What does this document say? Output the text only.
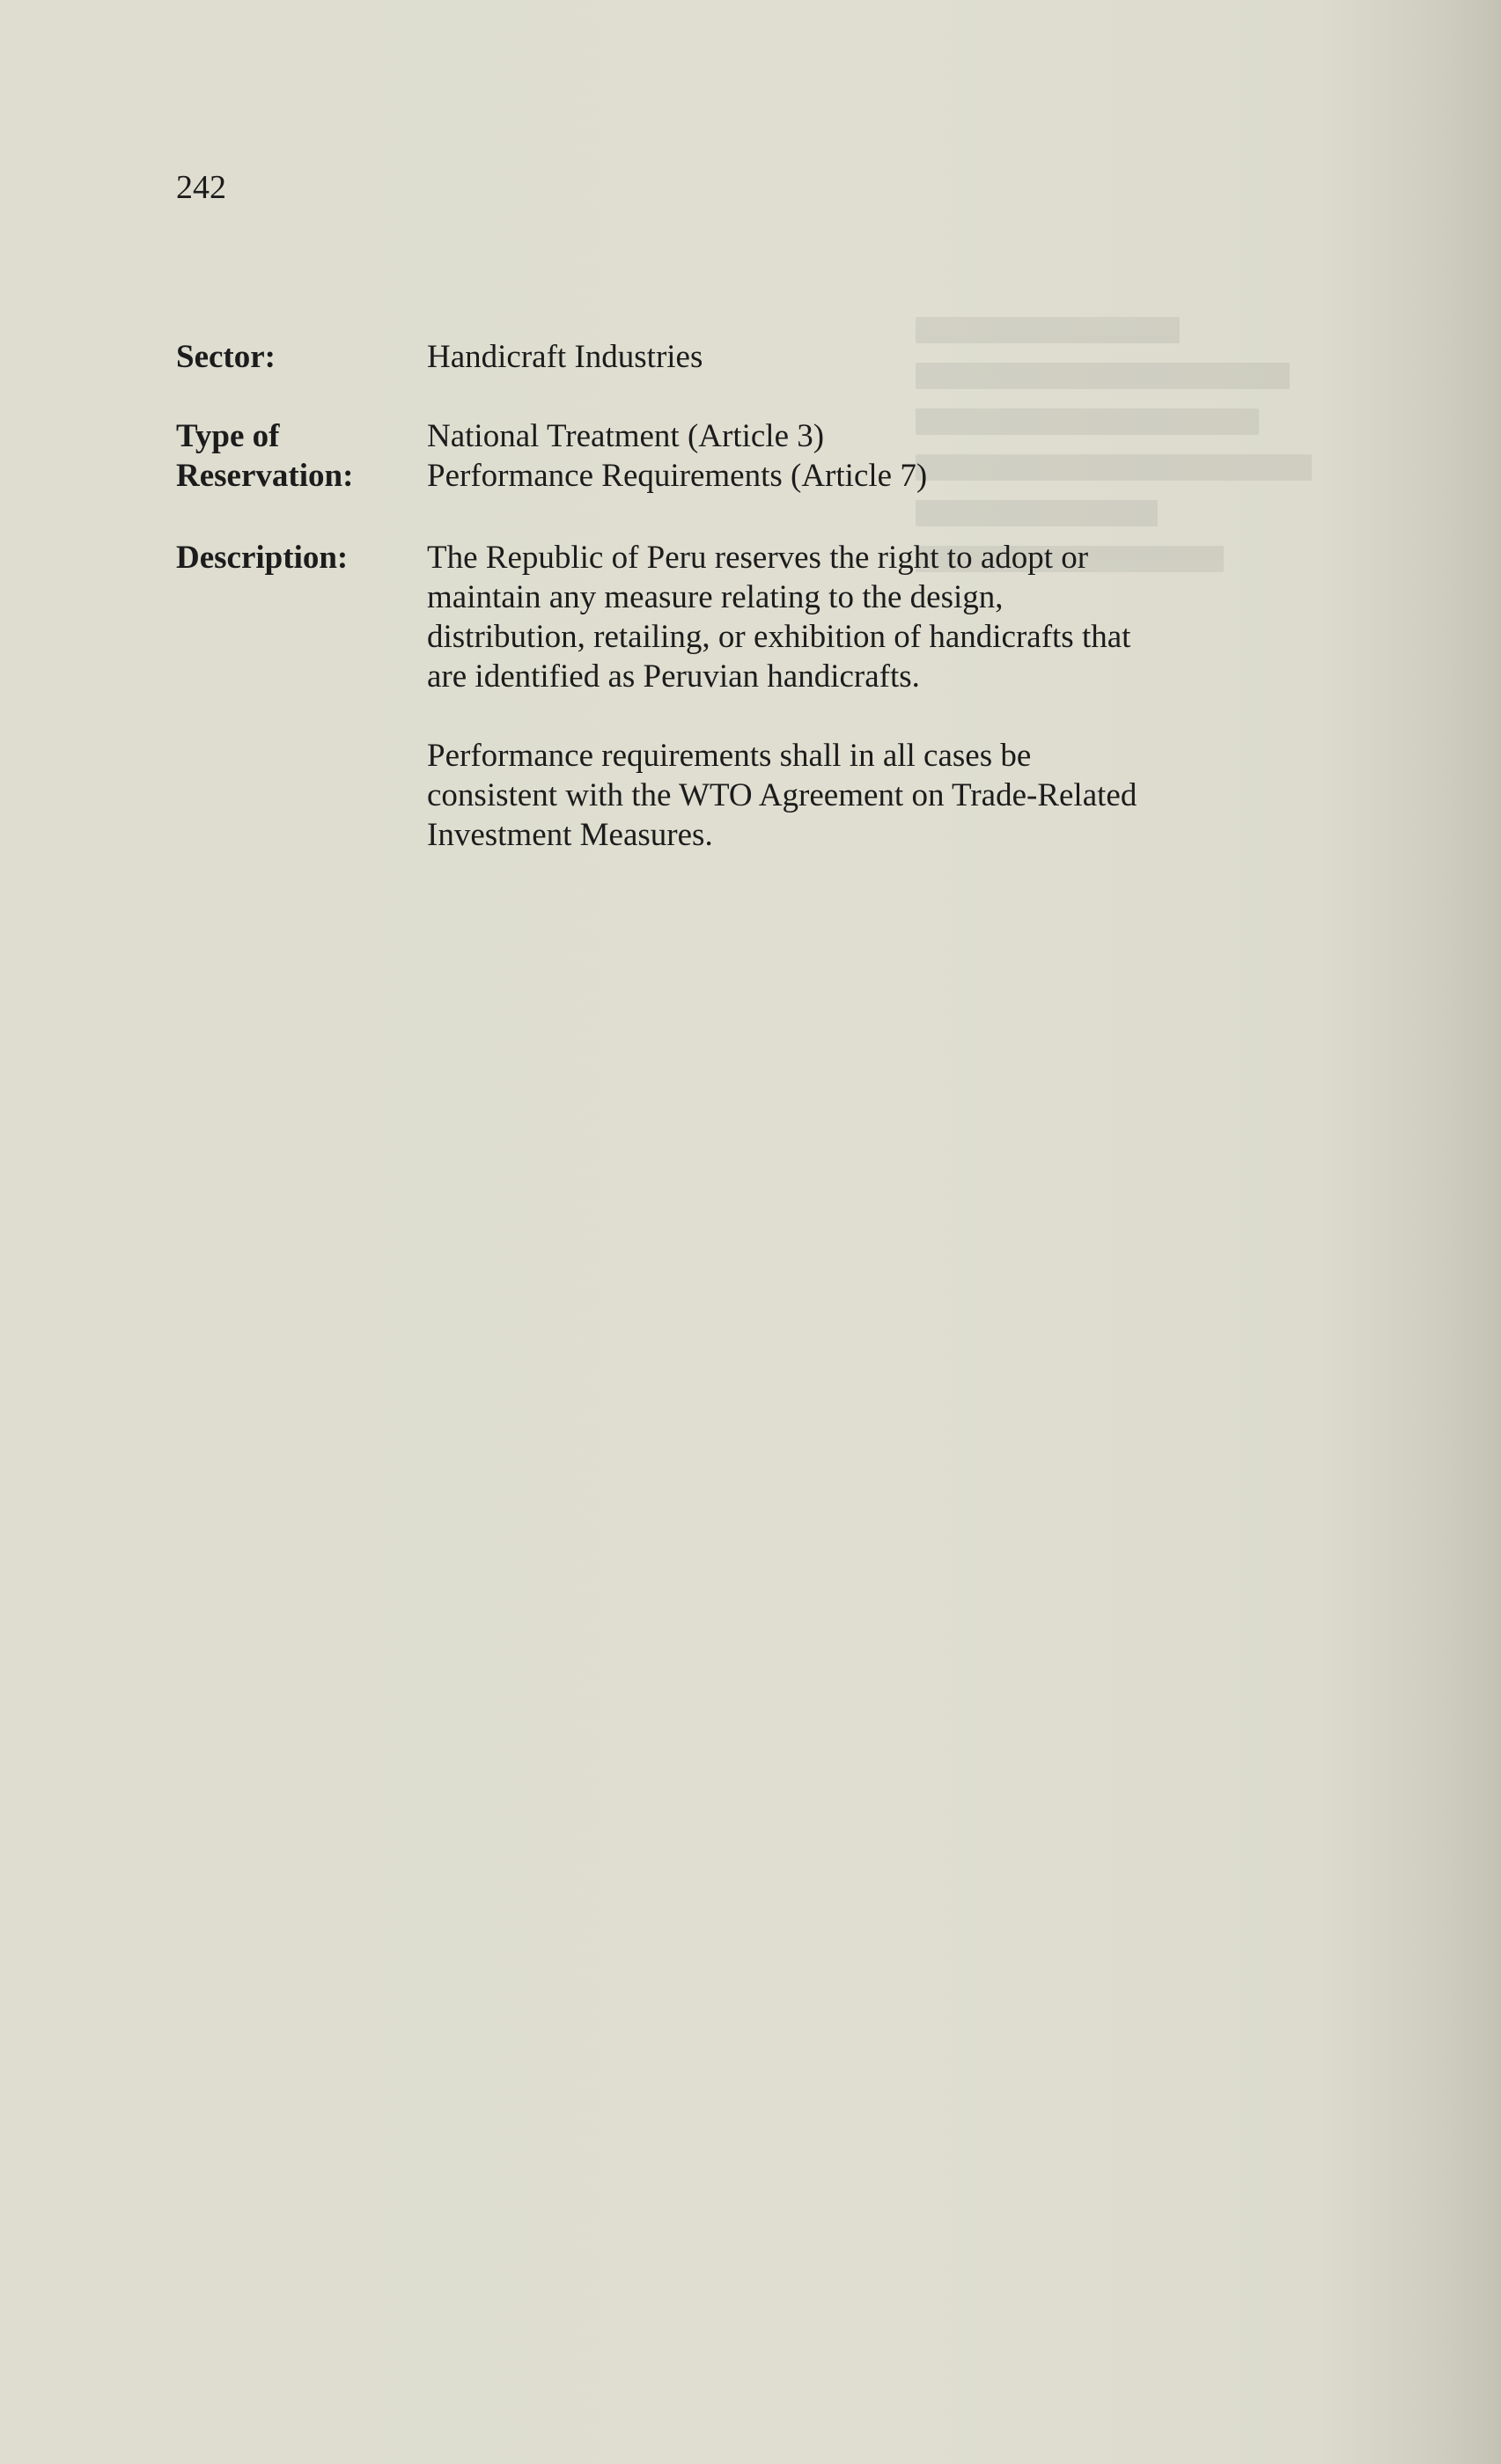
242
Sector:	Handicraft Industries
Type of
Reservation:
National Treatment (Article 3)
Performance Requirements (Article 7)
Description:	The Republic of Peru reserves the right to adopt or
maintain any measure relating to the design,
distribution, retailing, or exhibition of handicrafts that
are identified as Peruvian handicrafts.
Performance requirements shall in all cases be
consistent with the WTO Agreement on Trade-Related
Investment Measures.
